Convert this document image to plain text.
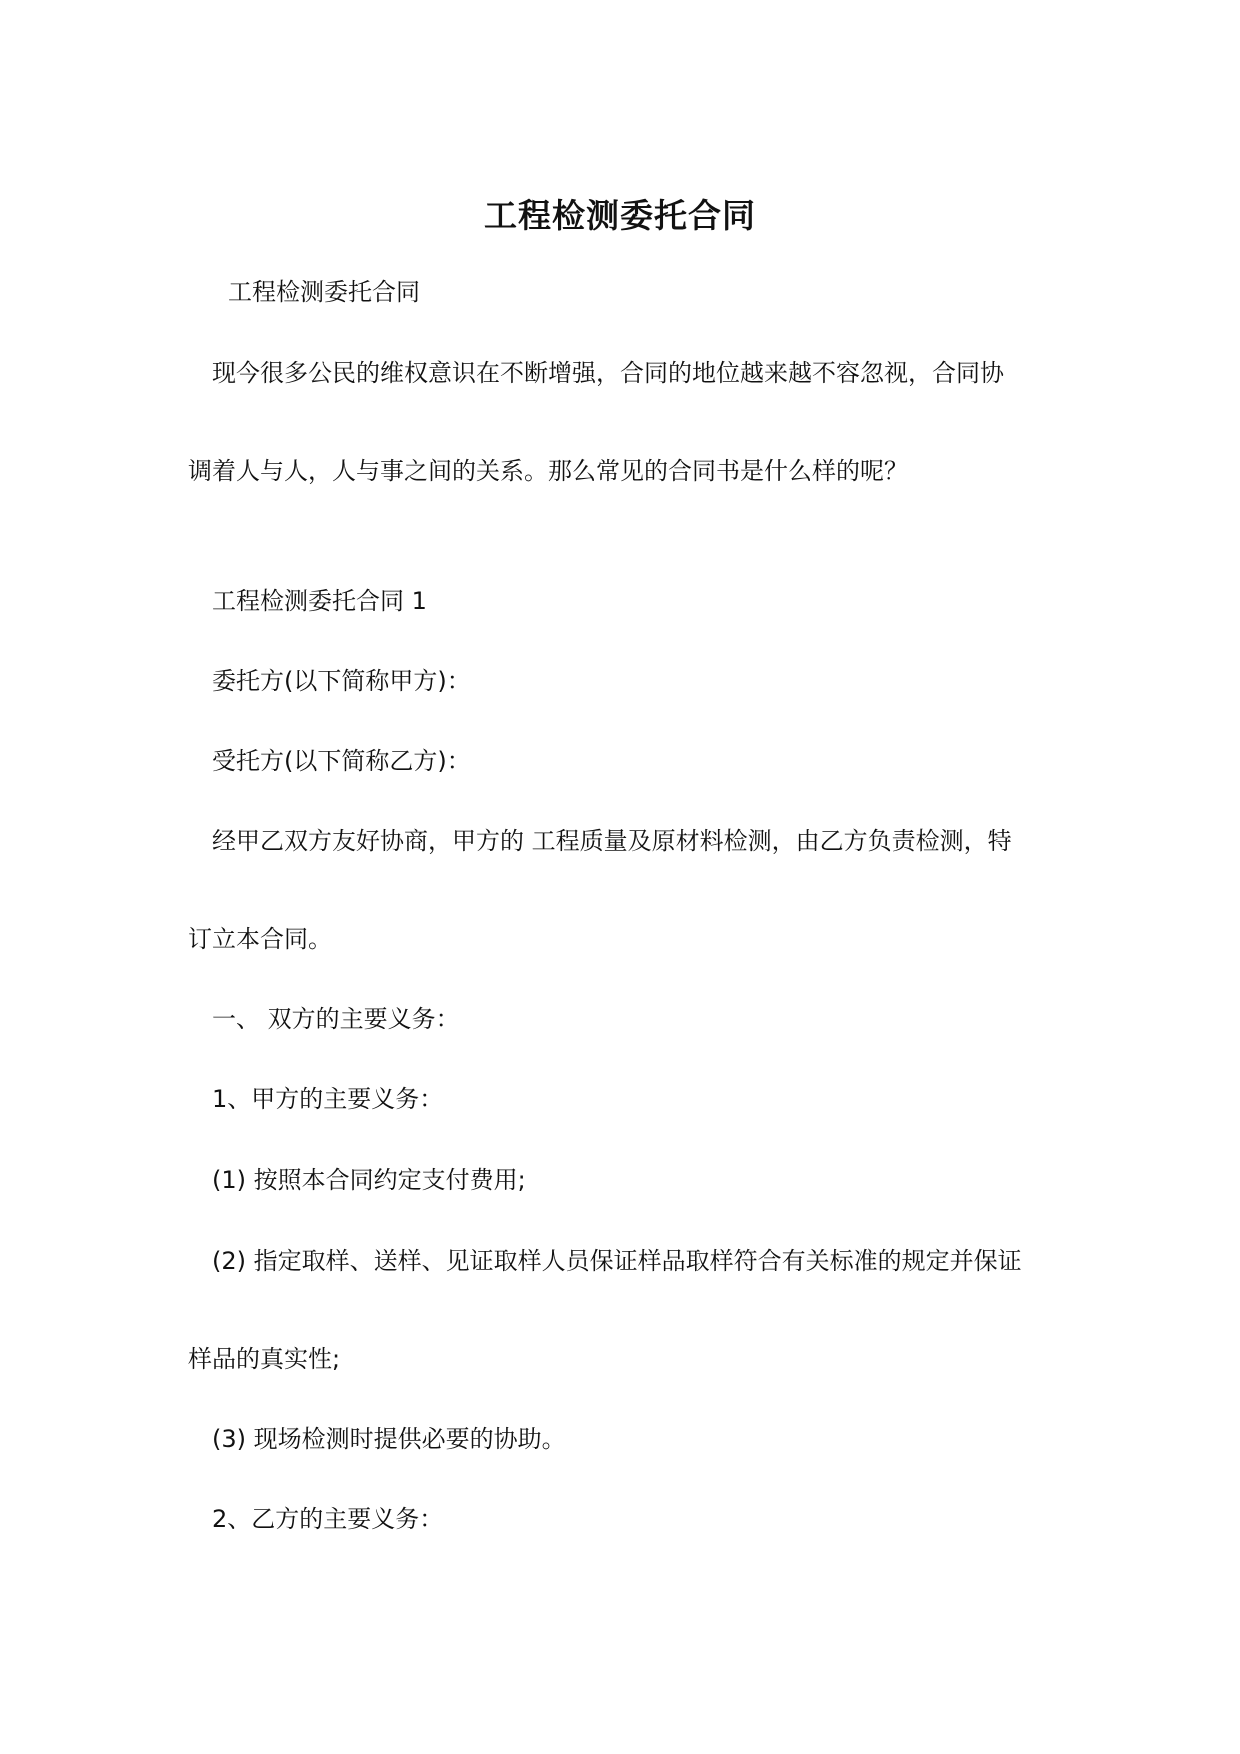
工程检测委托合同
工程检测委托合同
现今很多公民的维权意识在不断增强，合同的地位越来越不容忽视，合同协
调着人与人，人与事之间的关系。那么常见的合同书是什么样的呢？
工程检测委托合同 1
委托方(以下简称甲方)：
受托方(以下简称乙方)：
经甲乙双方友好协商，甲方的 工程质量及原材料检测，由乙方负责检测，特
订立本合同。
一、 双方的主要义务：
1、甲方的主要义务：
(1) 按照本合同约定支付费用;
(2) 指定取样、送样、见证取样人员保证样品取样符合有关标准的规定并保证
样品的真实性;
(3) 现场检测时提供必要的协助。
2、乙方的主要义务：
